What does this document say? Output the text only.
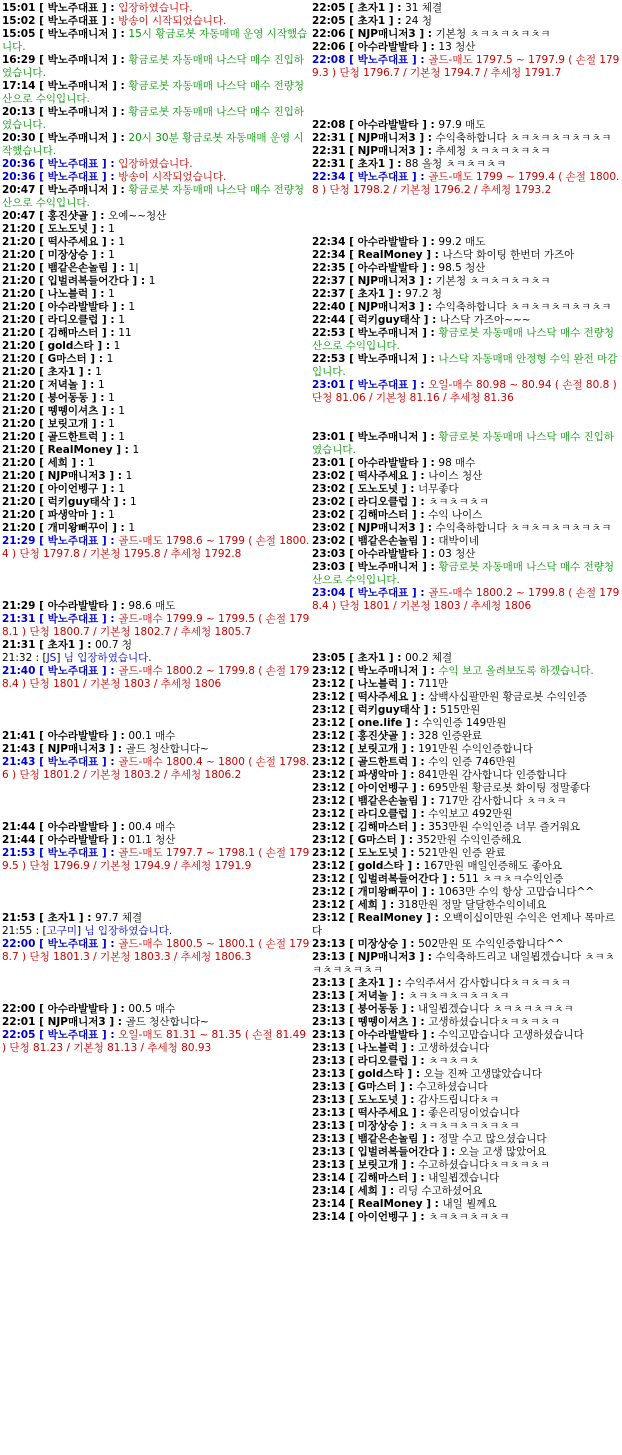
15:01 [ 박노주대표 ] : 입장하였습니다.
15:02 [ 박노주대표 ] : 방송이 시작되었습니다.
15:05 [ 박노주매니저 ] : 15시 황금로봇 자동매매 운영 시작했습니다.
16:29 [ 박노주매니저 ] : 황금로봇 자동매매 나스닥 매수 진입하였습니다.
17:14 [ 박노주매니저 ] : 황금로봇 자동매매 나스닥 매수 전량청산으로 수익입니다.
20:13 [ 박노주매니저 ] : 황금로봇 자동매매 나스닥 매수 진입하였습니다.
20:30 [ 박노주매니저 ] : 20시 30분 황금로봇 자동매매 운영 시작했습니다.
20:36 [ 박노주대표 ] : 입장하였습니다.
20:36 [ 박노주대표 ] : 방송이 시작되었습니다.
20:47 [ 박노주매니저 ] : 황금로봇 자동매매 나스닥 매수 전량청산으로 수익입니다.
20:47 [ 홍진샷골 ] : 오예~~청산
21:20 [ 도노도넛 ] : 1
21:20 [ 떡사주세요 ] : 1
21:20 [ 미장상승 ] : 1
21:20 [ 뱀같은손놀림 ] : 1|
21:20 [ 입벌려복들어간다 ] : 1
21:20 [ 나노블럭 ] : 1
21:20 [ 아수라발발타 ] : 1
21:20 [ 라디오클럽 ] : 1
21:20 [ 김해마스터 ] : 11
21:20 [ gold스타 ] : 1
21:20 [ G마스터 ] : 1
21:20 [ 초자1 ] : 1
21:20 [ 저녁놀 ] : 1
21:20 [ 붕어동동 ] : 1
21:20 [ 뗑뗑이셔츠 ] : 1
21:20 [ 보릿고개 ] : 1
21:20 [ 골드한트럭 ] : 1
21:20 [ RealMoney ] : 1
21:20 [ 세희 ] : 1
21:20 [ NJP매니저3 ] : 1
21:20 [ 아이언벵구 ] : 1
21:20 [ 럭키guy태삭 ] : 1
21:20 [ 파생악마 ] : 1
21:20 [ 개미왕뻐꾸이 ] : 1
21:29 [ 박노주대표 ] : 골드-매도 1798.6 ~ 1799 ( 손절 1800.4 ) 단청 1797.8 / 기본청 1795.8 / 추세청 1792.8
21:29 [ 아수라발발타 ] : 98.6 매도
21:31 [ 박노주대표 ] : 골드-매수 1799.9 ~ 1799.5 ( 손절 1798.1 ) 단청 1800.7 / 기본청 1802.7 / 추세청 1805.7
21:31 [ 초자1 ] : 00.7 청
21:32 : [JS] 님 입장하였습니다.
21:40 [ 박노주대표 ] : 골드-매수 1800.2 ~ 1799.8 ( 손절 1798.4 ) 단청 1801 / 기본청 1803 / 추세청 1806
21:41 [ 아수라발발타 ] : 00.1 매수
21:43 [ NJP매니저3 ] : 골드 청산합니다~
21:43 [ 박노주대표 ] : 골드-매수 1800.4 ~ 1800 ( 손절 1798.6 ) 단청 1801.2 / 기본청 1803.2 / 추세청 1806.2
21:44 [ 아수라발발타 ] : 00.4 매수
21:44 [ 아수라발발타 ] : 01.1 청산
21:53 [ 박노주대표 ] : 골드-매도 1797.7 ~ 1798.1 ( 손절 1799.5 ) 단청 1796.9 / 기본청 1794.9 / 추세청 1791.9
21:53 [ 초자1 ] : 97.7 체결
21:55 : [고구미] 님 입장하였습니다.
22:00 [ 박노주대표 ] : 골드-매수 1800.5 ~ 1800.1 ( 손절 1798.7 ) 단청 1801.3 / 기본청 1803.3 / 추세청 1806.3
22:00 [ 아수라발발타 ] : 00.5 매수
22:01 [ NJP매니저3 ] : 골드 청산합니다~
22:05 [ 박노주대표 ] : 오일-매도 81.31 ~ 81.35 ( 손절 81.49 ) 단청 81.23 / 기본청 81.13 / 추세청 80.93
22:05 [ 초자1 ] : 31 체결
22:05 [ 초자1 ] : 24 청
22:06 [ NJP매니저3 ] : 기본청 ㅊㅋㅊㅋㅊㅋㅊㅋ
22:06 [ 아수라발발타 ] : 13 청산
22:08 [ 박노주대표 ] : 골드-매도 1797.5 ~ 1797.9 ( 손절 1799.3 ) 단청 1796.7 / 기본청 1794.7 / 추세청 1791.7
22:08 [ 아수라발발타 ] : 97.9 매도
22:31 [ NJP매니저3 ] : 수익축하합니다 ㅊㅋㅊㅋㅊㅋㅊㅋㅊㅋ
22:31 [ NJP매니저3 ] : 추세청 ㅊㅋㅊㅋㅊㅋㅊㅋ
22:31 [ 초자1 ] : 88 올청 ㅊㅋㅊㅋㅊㅋ
22:34 [ 박노주대표 ] : 골드-매도 1799 ~ 1799.4 ( 손절 1800.8 ) 단청 1798.2 / 기본청 1796.2 / 추세청 1793.2
22:34 [ 아수라발발타 ] : 99.2 매도
22:34 [ RealMoney ] : 나스닥 화이팅 한번더 가즈아
22:35 [ 아수라발발타 ] : 98.5 청산
22:37 [ NJP매니저3 ] : 기본청 ㅊㅋㅊㅋㅊㅋㅊㅋ
22:37 [ 초자1 ] : 97.2 청
22:40 [ NJP매니저3 ] : 수익축하합니다 ㅊㅋㅊㅋㅊㅋㅊㅋㅊㅋ
22:44 [ 럭키guy태삭 ] : 나스닥 가즈아~~~
22:53 [ 박노주매니저 ] : 황금로봇 자동매매 나스닥 매수 전량청산으로 수익입니다.
22:53 [ 박노주매니저 ] : 나스닥 자동매매 안정형 수익 완전 마감입니다.
23:01 [ 박노주대표 ] : 오일-매수 80.98 ~ 80.94 ( 손절 80.8 ) 단청 81.06 / 기본청 81.16 / 추세청 81.36
23:01 [ 박노주매니저 ] : 황금로봇 자동매매 나스닥 매수 진입하였습니다.
23:01 [ 아수라발발타 ] : 98 매수
23:02 [ 떡사주세요 ] : 나이스 청산
23:02 [ 도노도넛 ] : 너무좋다
23:02 [ 라디오클럽 ] : ㅊㅋㅊㅋㅊㅋ
23:02 [ 김해마스터 ] : 수익 나이스
23:02 [ NJP매니저3 ] : 수익축하합니다 ㅊㅋㅊㅋㅊㅋㅊㅋㅊㅋ
23:02 [ 뱀같은손놀림 ] : 대박이네
23:03 [ 아수라발발타 ] : 03 청산
23:03 [ 박노주매니저 ] : 황금로봇 자동매매 나스닥 매수 전량청산으로 수익입니다.
23:04 [ 박노주대표 ] : 골드-매수 1800.2 ~ 1799.8 ( 손절 1798.4 ) 단청 1801 / 기본청 1803 / 추세청 1806
23:05 [ 초자1 ] : 00.2 체결
23:12 [ 박노주매니저 ] : 수익 보고 올려보도록 하겠습니다.
23:12 [ 나노블럭 ] : 711만
23:12 [ 떡사주세요 ] : 삼백사십팔만원 황금로봇 수익인증
23:12 [ 럭키guy태삭 ] : 515만원
23:12 [ one.life ] : 수익인증 149만원
23:12 [ 홍진샷골 ] : 328 인증완료
23:12 [ 보릿고개 ] : 191만원 수익인증합니다
23:12 [ 골드한트럭 ] : 수익 인증 746만원
23:12 [ 파생악마 ] : 841만원 감사합니다 인증합니다
23:12 [ 아이언벵구 ] : 695만원 황금로봇 화이팅 정말좋다
23:12 [ 뱀같은손놀림 ] : 717만 감사합니다 ㅊㅋㅊㅋ
23:12 [ 라디오클럽 ] : 수익보고 492만원
23:12 [ 김해마스터 ] : 353만원 수익인증 너무 즐거워요
23:12 [ G마스터 ] : 352만원 수익인증해요
23:12 [ 도노도넛 ] : 521만원 인증 완료
23:12 [ gold스타 ] : 167만원 매일인증해도 좋아요
23:12 [ 입벌려복들어간다 ] : 511 ㅊㅋㅊㅋ수익인증
23:12 [ 개미왕뻐꾸이 ] : 1063만 수익 항상 고맙습니다^^
23:12 [ 세희 ] : 318만원 정말 달달한수익이네요
23:12 [ RealMoney ] : 오백이십이만원 수익은 언제나 목마르다
23:13 [ 미장상승 ] : 502만원 또 수익인증합니다^^
23:13 [ NJP매니저3 ] : 수익축하드리고 내일뵙겠습니다 ㅊㅋㅊㅋㅊㅋㅊㅋㅊㅋ
23:13 [ 초자1 ] : 수익주셔서 감사합니다ㅊㅋㅊㅋㅊㅋ
23:13 [ 저녁놀 ] : ㅊㅋㅊㅋㅊㅋㅊㅋㅊㅋ
23:13 [ 붕어동동 ] : 내일뵙겠습니다 ㅊㅋㅊㅋㅊㅋㅊㅋ
23:13 [ 뗑뗑이셔츠 ] : 고생하셨습니다ㅊㅋㅊㅋㅊㅋ
23:13 [ 아수라발발타 ] : 수익고맙습니다 고생하셨습니다
23:13 [ 나노블럭 ] : 고생하셨습니다
23:13 [ 라디오클럽 ] : ㅊㅋㅊㅋㅊ
23:13 [ gold스타 ] : 오늘 진짜 고생많았습니다
23:13 [ G마스터 ] : 수고하셨습니다
23:13 [ 도노도넛 ] : 감사드립니다ㅊㅋ
23:13 [ 떡사주세요 ] : 좋은리딩이었습니다
23:13 [ 미장상승 ] : ㅊㅋㅊㅋㅊㅋㅊㅋㅊㅋ
23:13 [ 뱀같은손놀림 ] : 정말 수고 많으셨습니다
23:13 [ 입벌려복들어간다 ] : 오늘 고생 많았어요
23:13 [ 보릿고개 ] : 수고하셨습니다ㅊㅋㅊㅋㅊㅋ
23:14 [ 김해마스터 ] : 내일뵙겠습니다
23:14 [ 세희 ] : 리딩 수고하셨어요
23:14 [ RealMoney ] : 내일 뵐께요
23:14 [ 아이언벵구 ] : ㅊㅋㅊㅋㅊㅋㅊㅋ
